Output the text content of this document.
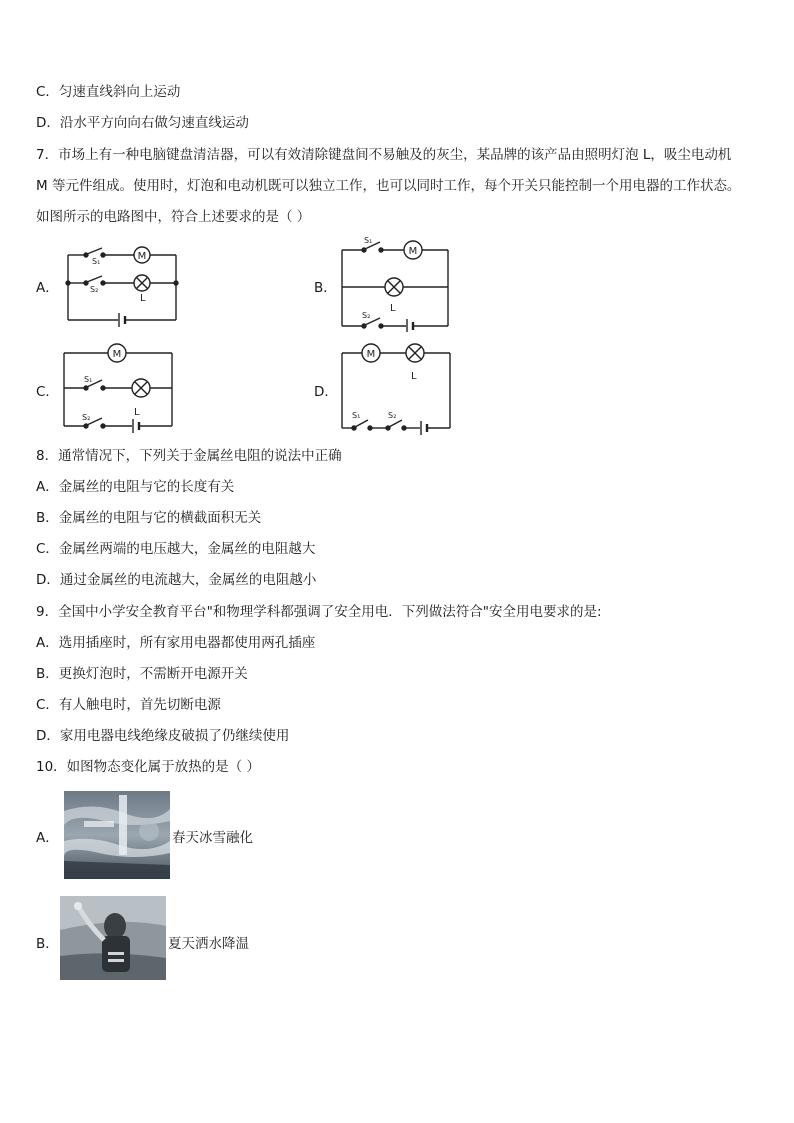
C．匀速直线斜向上运动
D．沿水平方向向右做匀速直线运动
7．市场上有一种电脑键盘清洁器，可以有效清除键盘间不易触及的灰尘，某品牌的该产品由照明灯泡 L，吸尘电动机
M 等元件组成。使用时，灯泡和电动机既可以独立工作，也可以同时工作，每个开关只能控制一个用电器的工作状态。
如图所示的电路图中，符合上述要求的是（ ）
A．
M
S₁
S₂
L
B．
M
S₁
L
S₂
C．
M
S₁
S₂	L
D．
M
L
S₁	S₂
8．通常情况下，下列关于金属丝电阻的说法中正确
A．金属丝的电阻与它的长度有关
B．金属丝的电阻与它的横截面积无关
C．金属丝两端的电压越大，金属丝的电阻越大
D．通过金属丝的电流越大，金属丝的电阻越小
9．全国中小学安全教育平台"和物理学科都强调了安全用电．下列做法符合"安全用电要求的是:
A．选用插座时，所有家用电器都使用两孔插座
B．更换灯泡时，不需断开电源开关
C．有人触电时，首先切断电源
D．家用电器电线绝缘皮破损了仍继续使用
10．如图物态变化属于放热的是（ ）
A．	春天冰雪融化
B．	夏天洒水降温
